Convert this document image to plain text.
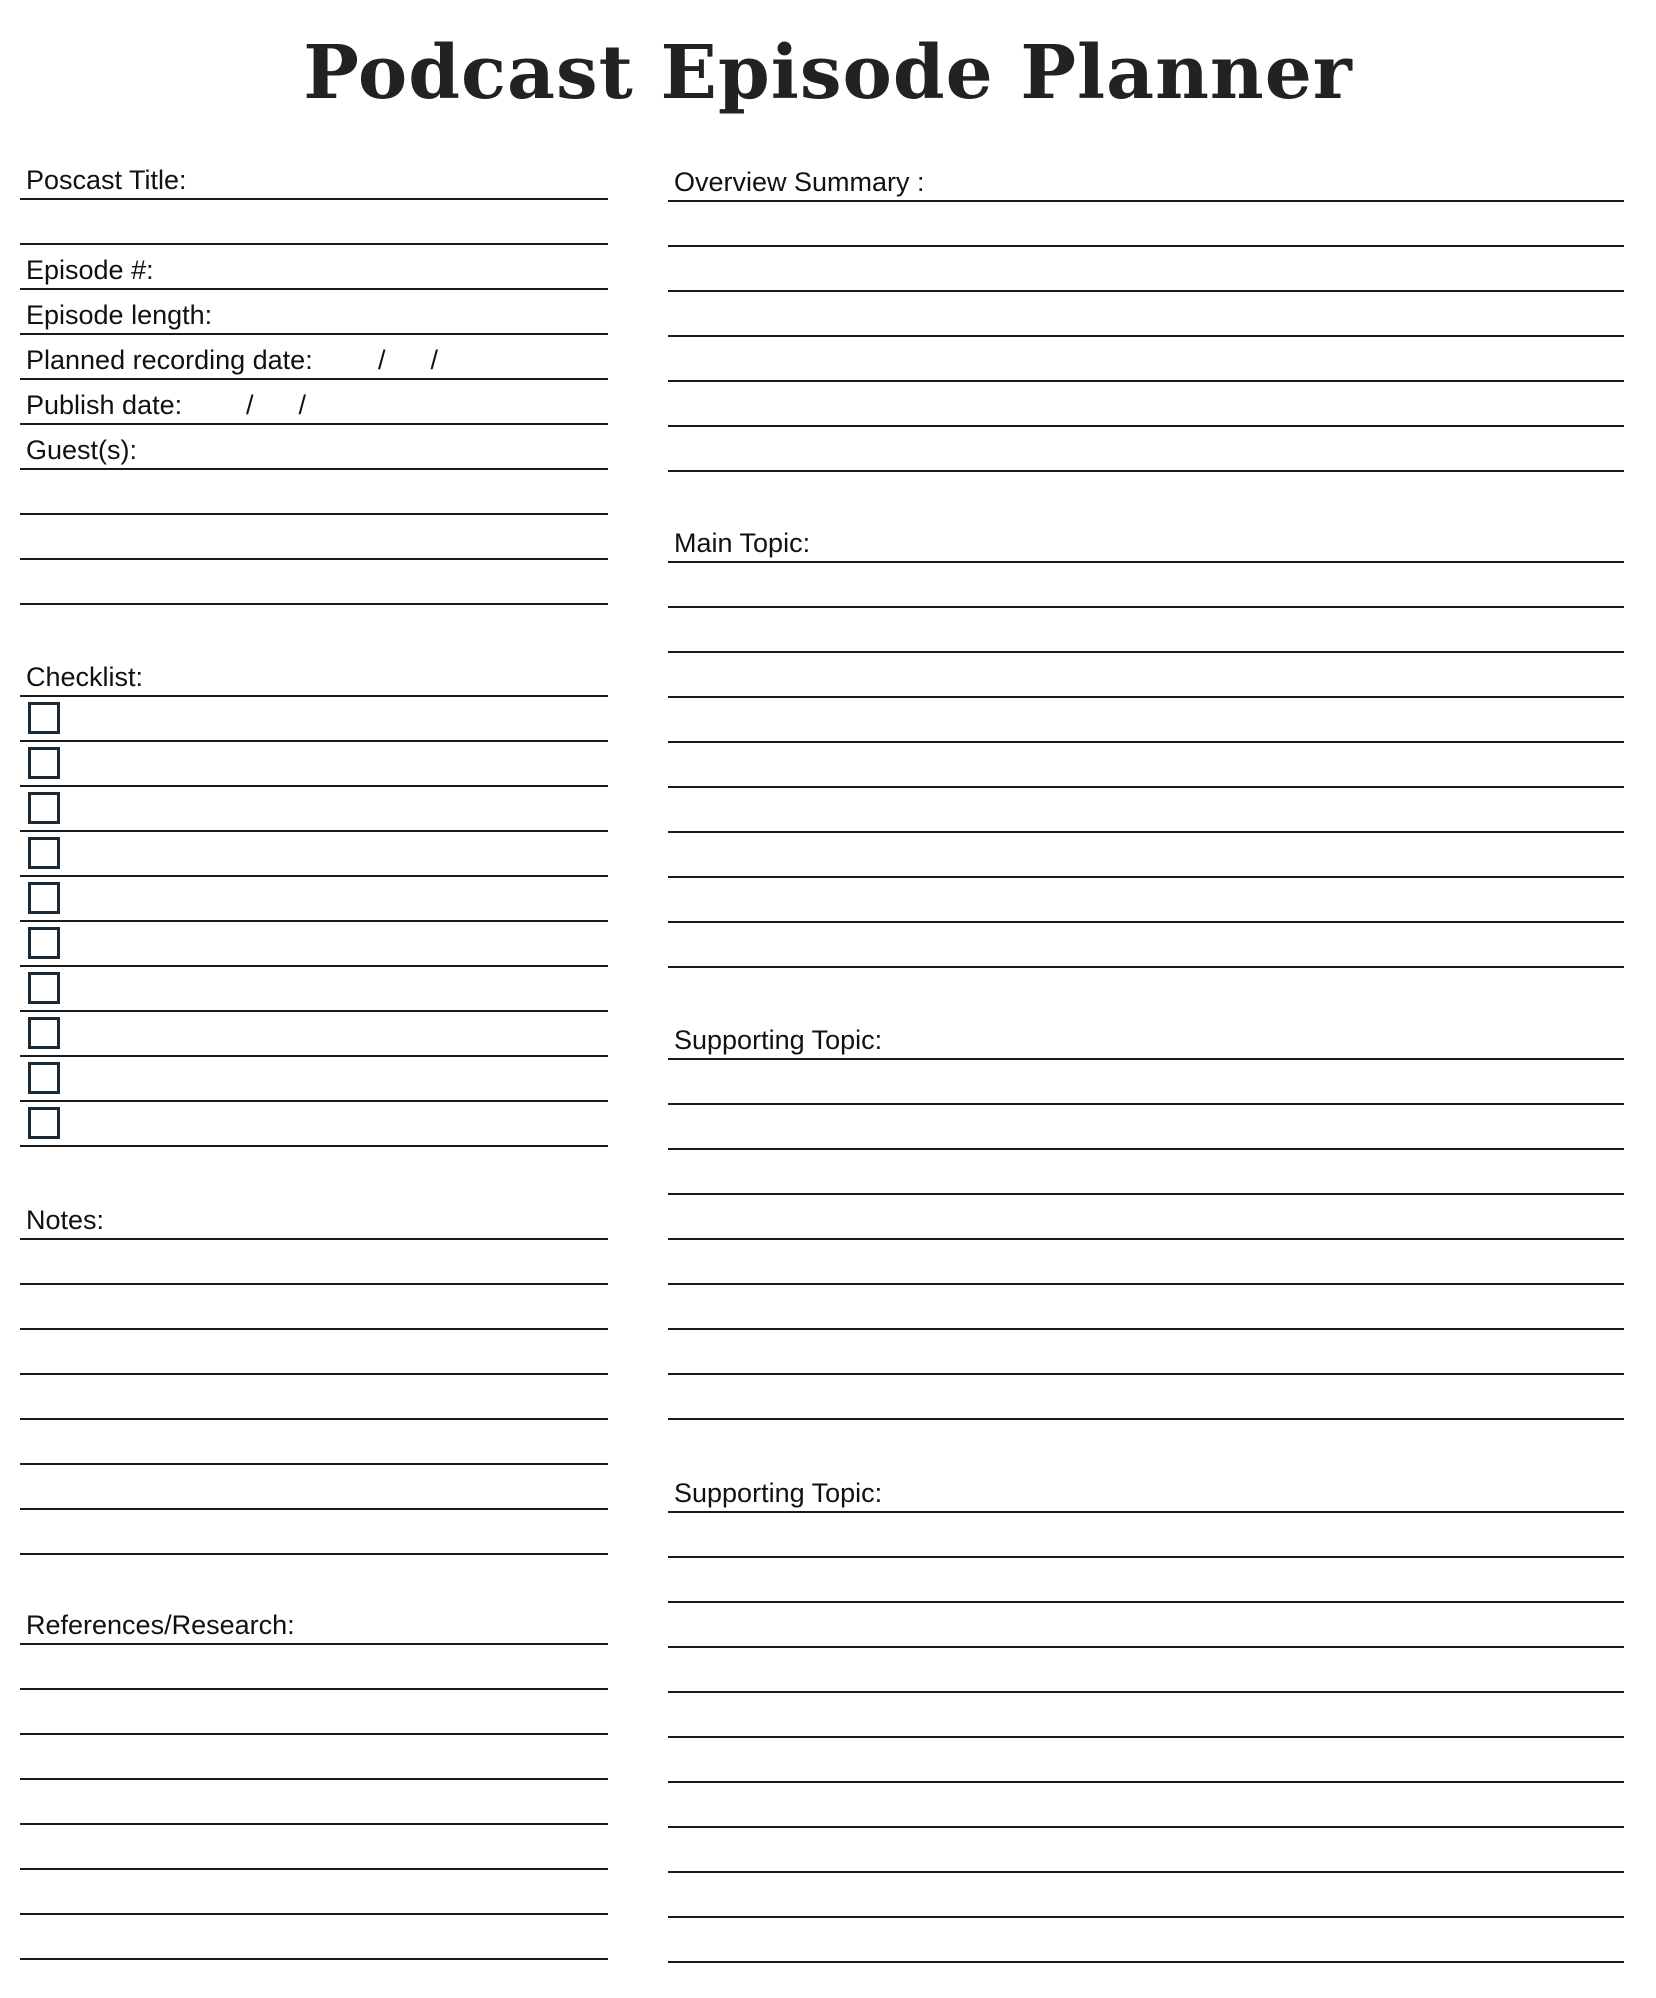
Podcast Episode Planner
Poscast Title:
Episode #:
Episode length:
Planned recording date: /      /
Publish date: /      /
Guest(s):
Checklist:
Notes:
References/Research:
Overview Summary :
Main Topic:
Supporting Topic:
Supporting Topic:
